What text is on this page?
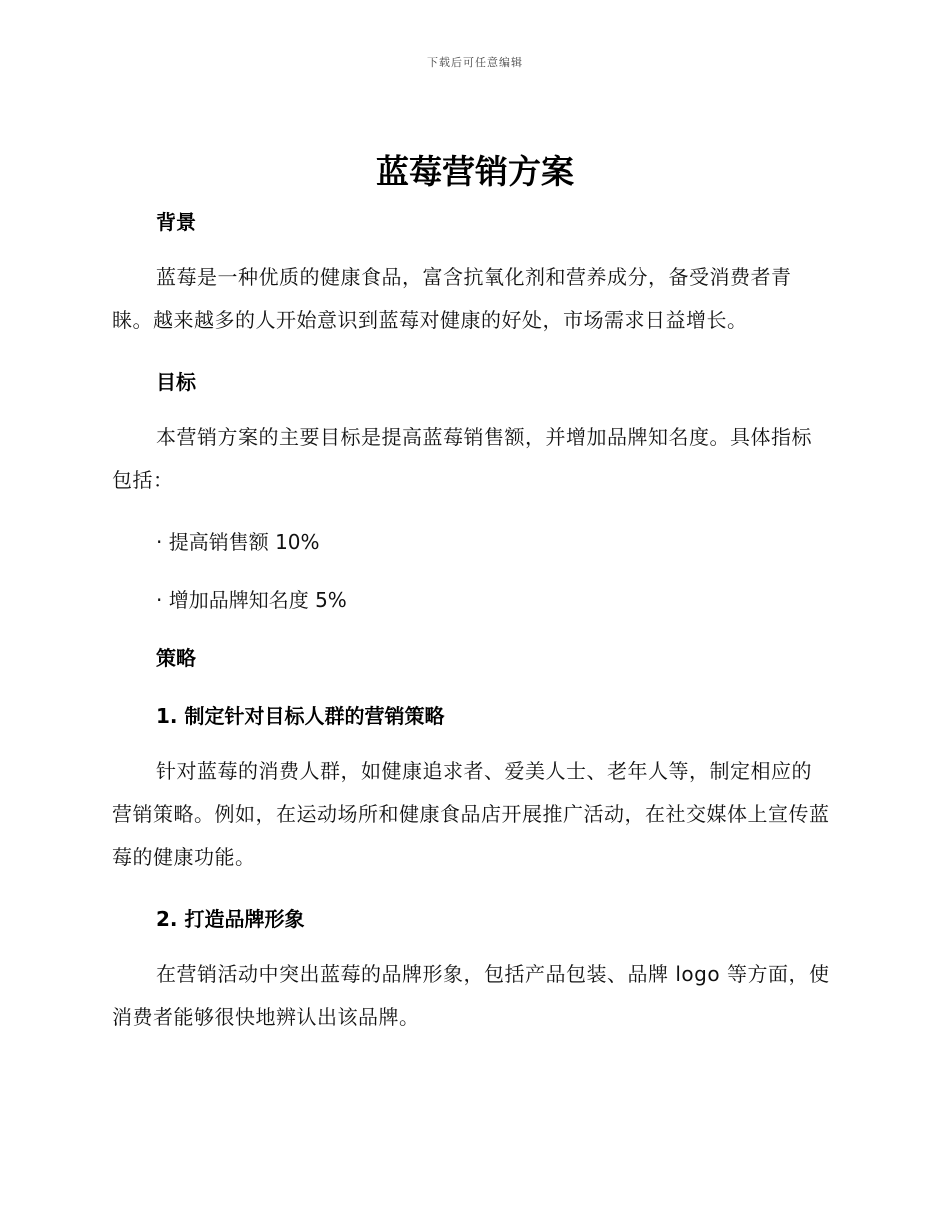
下载后可任意编辑
蓝莓营销方案
背景

蓝莓是一种优质的健康食品，富含抗氧化剂和营养成分，备受消费者青睐。越来越多的人开始意识到蓝莓对健康的好处，市场需求日益增长。

目标

本营销方案的主要目标是提高蓝莓销售额，并增加品牌知名度。具体指标包括：

· 提高销售额 10%

· 增加品牌知名度 5%

策略
1. 制定针对目标人群的营销策略

针对蓝莓的消费人群，如健康追求者、爱美人士、老年人等，制定相应的营销策略。例如，在运动场所和健康食品店开展推广活动，在社交媒体上宣传蓝莓的健康功能。

2. 打造品牌形象

在营销活动中突出蓝莓的品牌形象，包括产品包装、品牌 logo 等方面，使消费者能够很快地辨认出该品牌。
